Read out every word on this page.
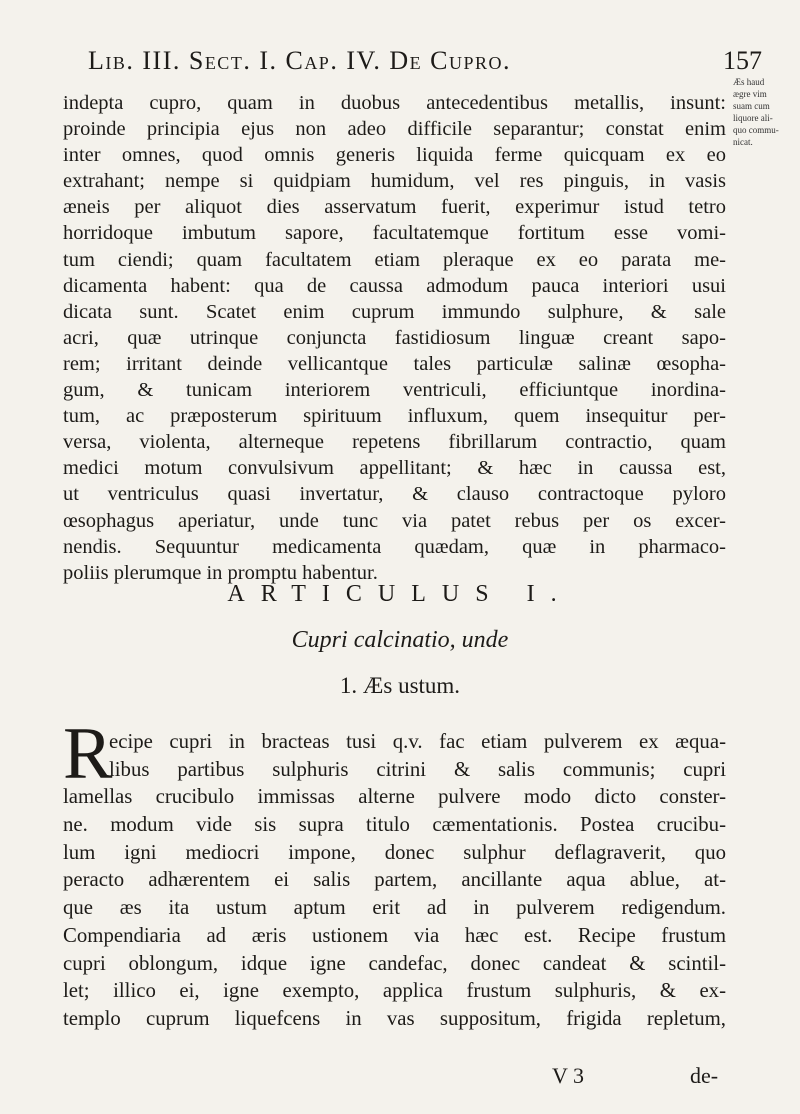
Lib. III. Sect. I. Cap. IV. De Cupro.	157
Æs haud
ægre vim
suam cum
liquore ali-
quo commu-
nicat.
indepta cupro, quam in duobus antecedentibus metallis, insunt:
proinde principia ejus non adeo difficile separantur; constat enim
inter omnes, quod omnis generis liquida ferme quicquam ex eo
extrahant; nempe si quidpiam humidum, vel res pinguis, in vasis
æneis per aliquot dies asservatum fuerit, experimur istud tetro
horridoque imbutum sapore, facultatemque fortitum esse vomi-
tum ciendi; quam facultatem etiam pleraque ex eo parata me-
dicamenta habent: qua de caussa admodum pauca interiori usui
dicata sunt. Scatet enim cuprum immundo sulphure, & sale
acri, quæ utrinque conjuncta fastidiosum linguæ creant sapo-
rem; irritant deinde vellicantque tales particulæ salinæ œsopha-
gum, & tunicam interiorem ventriculi, efficiuntque inordina-
tum, ac præposterum spirituum influxum, quem insequitur per-
versa, violenta, alterneque repetens fibrillarum contractio, quam
medici motum convulsivum appellitant; & hæc in caussa est,
ut ventriculus quasi invertatur, & clauso contractoque pyloro
œsophagus aperiatur, unde tunc via patet rebus per os excer-
nendis. Sequuntur medicamenta quædam, quæ in pharmaco-
poliis plerumque in promptu habentur.
ARTICULUS I.
Cupri calcinatio, unde
1. Æs ustum.
R
ecipe cupri in bracteas tusi q.v. fac etiam pulverem ex æqua-
libus partibus sulphuris citrini & salis communis; cupri
lamellas crucibulo immissas alterne pulvere modo dicto conster-
ne. modum vide sis supra titulo cæmentationis. Postea crucibu-
lum igni mediocri impone, donec sulphur deflagraverit, quo
peracto adhærentem ei salis partem, ancillante aqua ablue, at-
que æs ita ustum aptum erit ad in pulverem redigendum.
Compendiaria ad æris ustionem via hæc est. Recipe frustum
cupri oblongum, idque igne candefac, donec candeat & scintil-
let; illico ei, igne exempto, applica frustum sulphuris, & ex-
templo cuprum liquefcens in vas suppositum, frigida repletum,
V 3	de-
